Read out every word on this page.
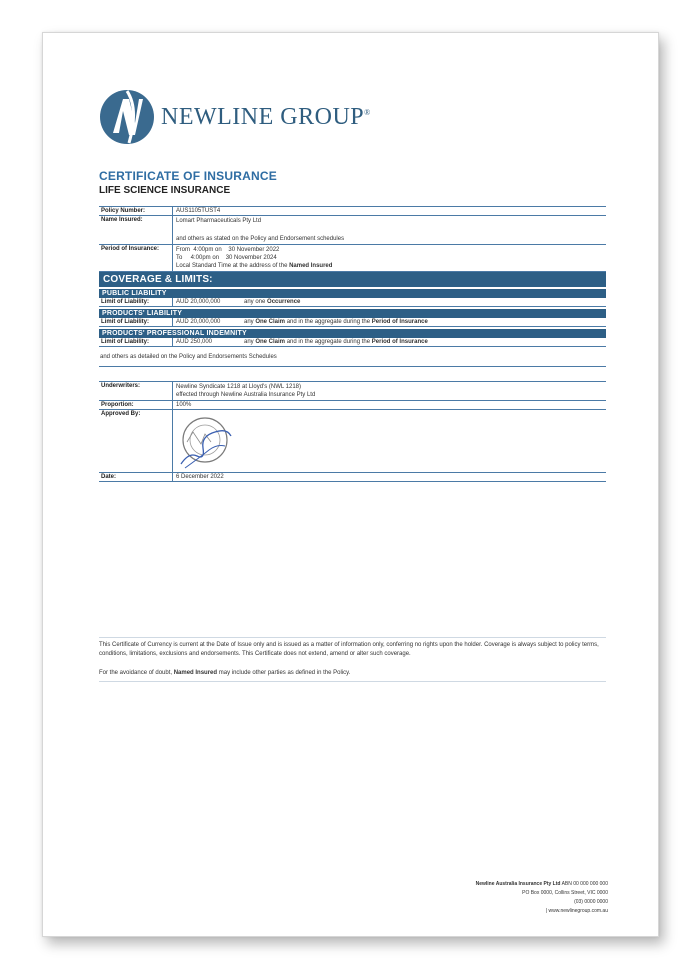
NEWLINE GROUP®
CERTIFICATE OF INSURANCE
LIFE SCIENCE INSURANCE
Policy Number:	AUS1105TUST4
Name Insured:	Lomart Pharmaceuticals Pty Ltd

and others as stated on the Policy and Endorsement schedules

Period of Insurance:	From  4:00pm on    30 November 2022

To     4:00pm on    30 November 2024

Local Standard Time at the address of the Named Insured

COVERAGE & LIMITS:
PUBLIC LIABILITY
Limit of Liability:	AUD 20,000,000	any one Occurrence
PRODUCTS' LIABILITY
Limit of Liability:	AUD 20,000,000	any One Claim and in the aggregate during the Period of Insurance
PRODUCTS' PROFESSIONAL INDEMNITY
Limit of Liability:	AUD 250,000	any One Claim and in the aggregate during the Period of Insurance
and others as detailed on the Policy and Endorsements Schedules
Underwriters:	Newline Syndicate 1218 at Lloyd's (NWL 1218)

effected through Newline Australia Insurance Pty Ltd

Proportion:	100%
Approved By:
Date:	6 December 2022

This Certificate of Currency is current at the Date of Issue only and is issued as a matter of information only, conferring no rights upon the holder. Coverage is always subject to policy terms, conditions, limitations, exclusions and endorsements. This Certificate does not extend, amend or alter such coverage.

For the avoidance of doubt, Named Insured may include other parties as defined in the Policy.

Newline Australia Insurance Pty Ltd ABN 00 000 000 000
PO Box 0000, Collins Street, VIC 0000
(03) 0000 0000
| www.newlinegroup.com.au
